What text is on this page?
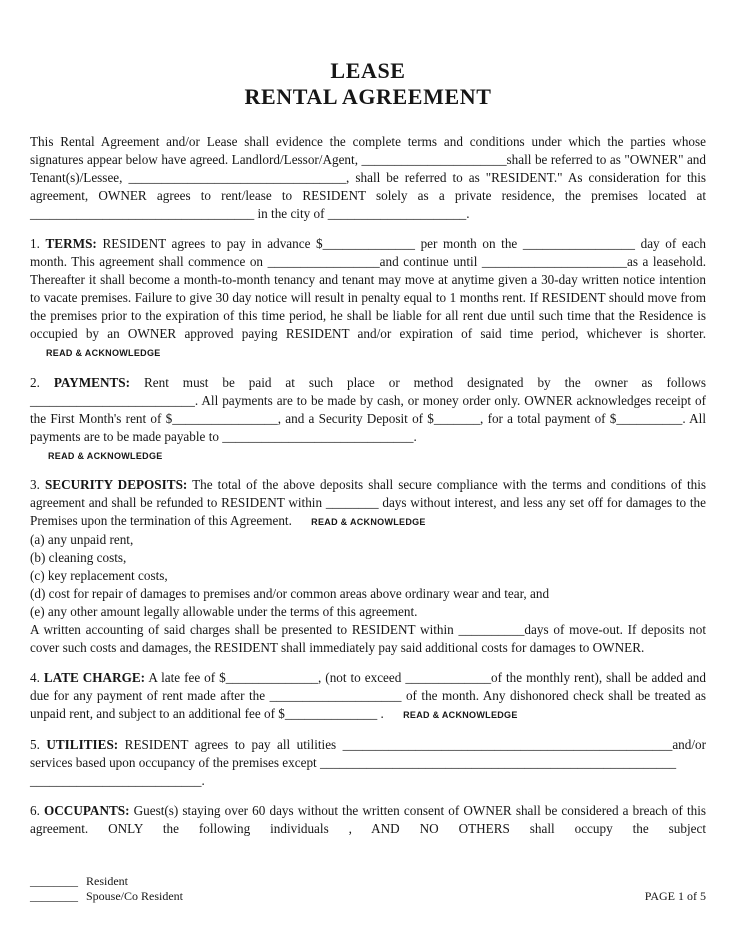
LEASE
RENTAL AGREEMENT

This Rental Agreement and/or Lease shall evidence the complete terms and conditions under which the parties whose signatures appear below have agreed. Landlord/Lessor/Agent, ______________________shall be referred to as "OWNER" and Tenant(s)/Lessee, _________________________________, shall be referred to as "RESIDENT." As consideration for this agreement, OWNER agrees to rent/lease to RESIDENT solely as a private residence, the premises located at __________________________________ in the city of _____________________.

1. TERMS: RESIDENT agrees to pay in advance $______________ per month on the _________________ day of each month. This agreement shall commence on _________________and continue until ______________________as a leasehold. Thereafter it shall become a month-to-month tenancy and tenant may move at anytime given a 30-day written notice intention to vacate premises. Failure to give 30 day notice will result in penalty equal to 1 months rent. If RESIDENT should move from the premises prior to the expiration of this time period, he shall be liable for all rent due until such time that the Residence is occupied by an OWNER approved paying RESIDENT and/or expiration of said time period, whichever is shorter. READ & ACKNOWLEDGE

2. PAYMENTS: Rent must be paid at such place or method designated by the owner as follows _________________________. All payments are to be made by cash, or money order only. OWNER acknowledges receipt of the First Month's rent of $________________, and a Security Deposit of $_______, for a total payment of $__________. All payments are to be made payable to _____________________________.

READ & ACKNOWLEDGE

3. SECURITY DEPOSITS: The total of the above deposits shall secure compliance with the terms and conditions of this agreement and shall be refunded to RESIDENT within ________ days without interest, and less any set off for damages to the Premises upon the termination of this Agreement. READ & ACKNOWLEDGE

(a) any unpaid rent,

(b) cleaning costs,

(c) key replacement costs,

(d) cost for repair of damages to premises and/or common areas above ordinary wear and tear, and

(e) any other amount legally allowable under the terms of this agreement.

A written accounting of said charges shall be presented to RESIDENT within __________days of move-out. If deposits not cover such costs and damages, the RESIDENT shall immediately pay said additional costs for damages to OWNER.

4. LATE CHARGE: A late fee of $______________, (not to exceed _____________of the monthly rent), shall be added and due for any payment of rent made after the ____________________ of the month. Any dishonored check shall be treated as unpaid rent, and subject to an additional fee of $______________ . READ & ACKNOWLEDGE

5. UTILITIES: RESIDENT agrees to pay all utilities __________________________________________________and/or services based upon occupancy of the premises except ______________________________________________________

__________________________.

6. OCCUPANTS: Guest(s) staying over 60 days without the written consent of OWNER shall be considered a breach of this agreement. ONLY the following individuals , AND NO OTHERS shall occupy the subject

________ Resident
________ Spouse/Co Resident	PAGE 1 of 5
